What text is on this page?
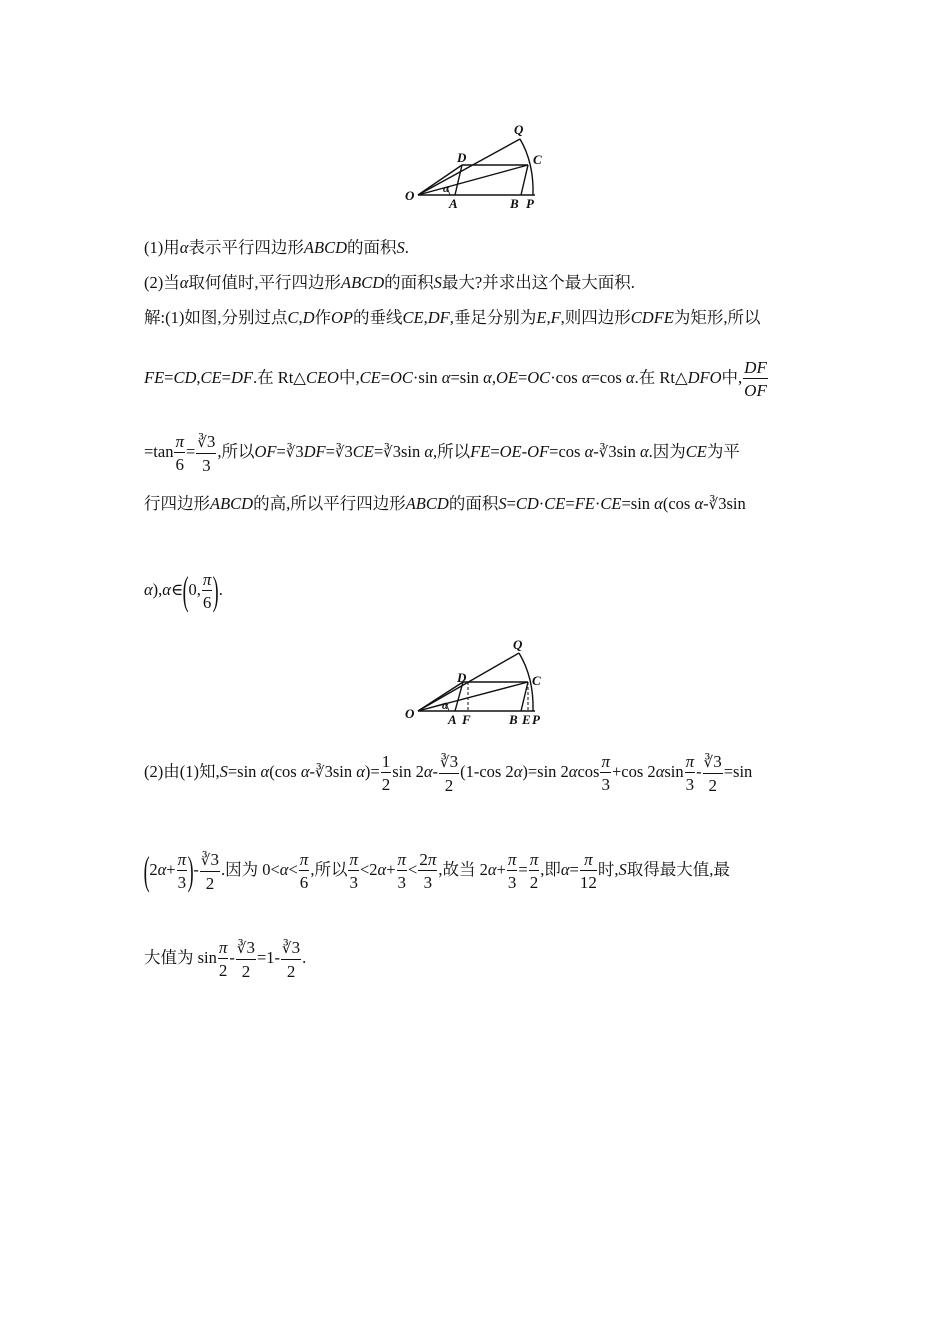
O
A	B P
C
D
Q
α
(1)用α表示平行四边形ABCD的面积S.
(2)当α取何值时,平行四边形ABCD的面积S最大?并求出这个最大面积.
解:(1)如图,分别过点C,D作OP的垂线CE,DF,垂足分别为E,F,则四边形CDFE为矩形,所以
FE=CD,CE=DF.在 Rt△CEO中,CE=OC·sin α=sin α,OE=OC·cos α=cos α.在 Rt△DFO中, $\frac{DF}{OF}$
$=\tan \frac{\pi}{6} = \frac{∛3}{3}$ ,所以OF=∛3DF=∛3CE=∛3sin α,所以FE=OE-OF=cos α-∛3sin α.因为CE为平
行四边形ABCD的高,所以平行四边形ABCD的面积S=CD·CE=FE·CE=sin α(cos α-∛3sin
α),α∈(0, $\frac{\pi}{6}$ ).
O	A F	B E P
C
D
Q
α
(2)由(1)知,S=sin α(cos α-∛3sin $\alpha)= \frac{1}{2}$ $\sin 2\alpha- \frac{∛3}{2} (1-\cos$ 2α)=sin $2\alpha\cos \frac{\pi}{3} +\cos$ $2\alpha\sin \frac{\pi}{3} - \frac{∛3}{2} =\sin$
($2\alpha+ \frac{\pi}{3}$ )- $\frac{∛3}{2}$ .因为 $0<\alpha< \frac{\pi}{6}$ ,所以 $\frac{\pi}{3} <2\alpha+ \frac{\pi}{3} < \frac{2\pi}{3}$ ,故当 $2\alpha+ \frac{\pi}{3} = \frac{\pi}{2}$ ,即$\alpha= \frac{\pi}{12}$ 时,S取得最大值,最
大值为 $\sin \frac{\pi}{2} - \frac{∛3}{2} =1- \frac{∛3}{2}$ .
